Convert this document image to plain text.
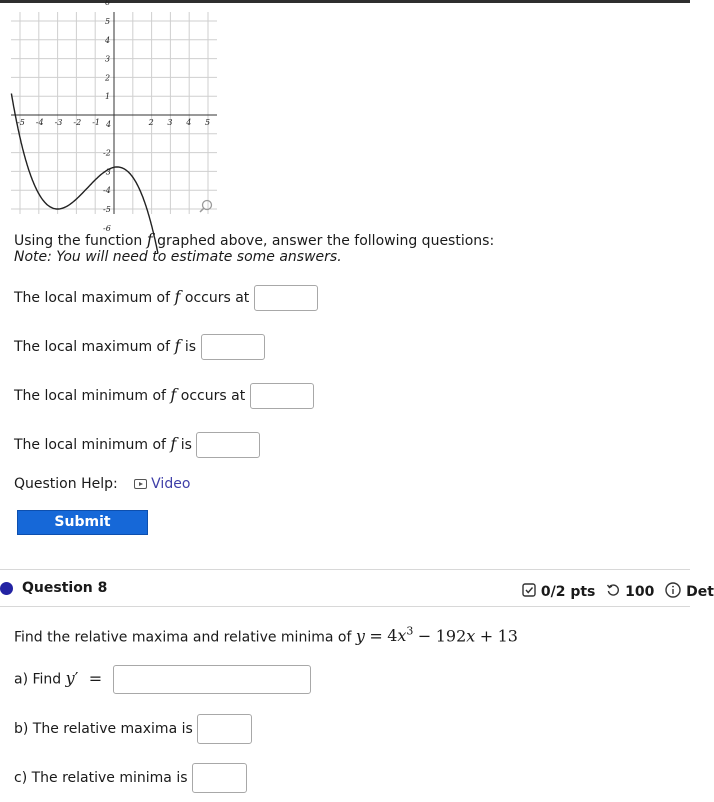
-5 -4 -3 -2 -1	2 3 4 5
6
5
4
3
2
1
-2
-3
-4
-5
-6
4
Using the function f graphed above, answer the following questions:
Note: You will need to estimate some answers.
The local maximum of f occurs at
The local maximum of f is
The local minimum of f occurs at
The local minimum of f is
Question Help: Video
Submit Question
Question 8	0/2 pts 100 Det
Find the relative maxima and relative minima of $y = 4x^3 - 192x + 13$
a) Find y′ =
b) The relative maxima is
c) The relative minima is
